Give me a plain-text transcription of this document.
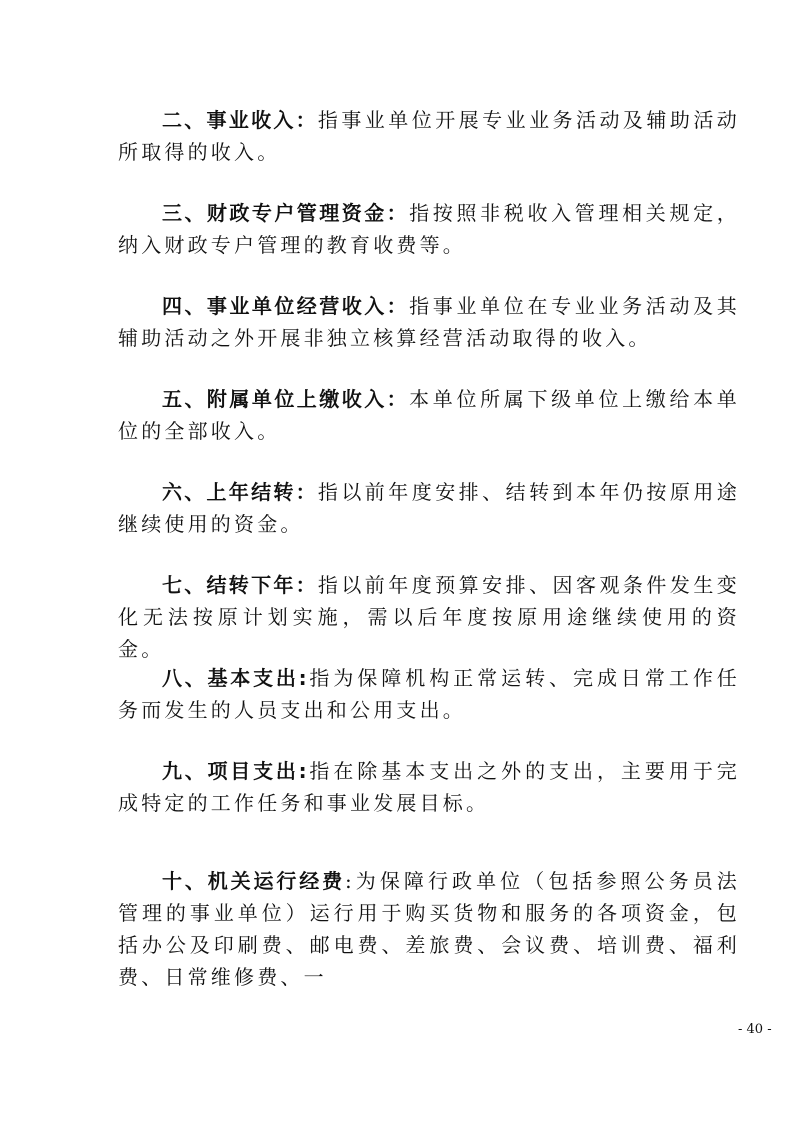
二、事业收入：指事业单位开展专业业务活动及辅助活动所取得的收入。

三、财政专户管理资金：指按照非税收入管理相关规定，纳入财政专户管理的教育收费等。

四、事业单位经营收入：指事业单位在专业业务活动及其辅助活动之外开展非独立核算经营活动取得的收入。

五、附属单位上缴收入：本单位所属下级单位上缴给本单位的全部收入。

六、上年结转：指以前年度安排、结转到本年仍按原用途继续使用的资金。

七、结转下年：指以前年度预算安排、因客观条件发生变化无法按原计划实施，需以后年度按原用途继续使用的资金。

八、基本支出:指为保障机构正常运转、完成日常工作任务而发生的人员支出和公用支出。

九、项目支出:指在除基本支出之外的支出，主要用于完成特定的工作任务和事业发展目标。

十、机关运行经费:为保障行政单位（包括参照公务员法管理的事业单位）运行用于购买货物和服务的各项资金，包括办公及印刷费、邮电费、差旅费、会议费、培训费、福利费、日常维修费、一

- 40 -
